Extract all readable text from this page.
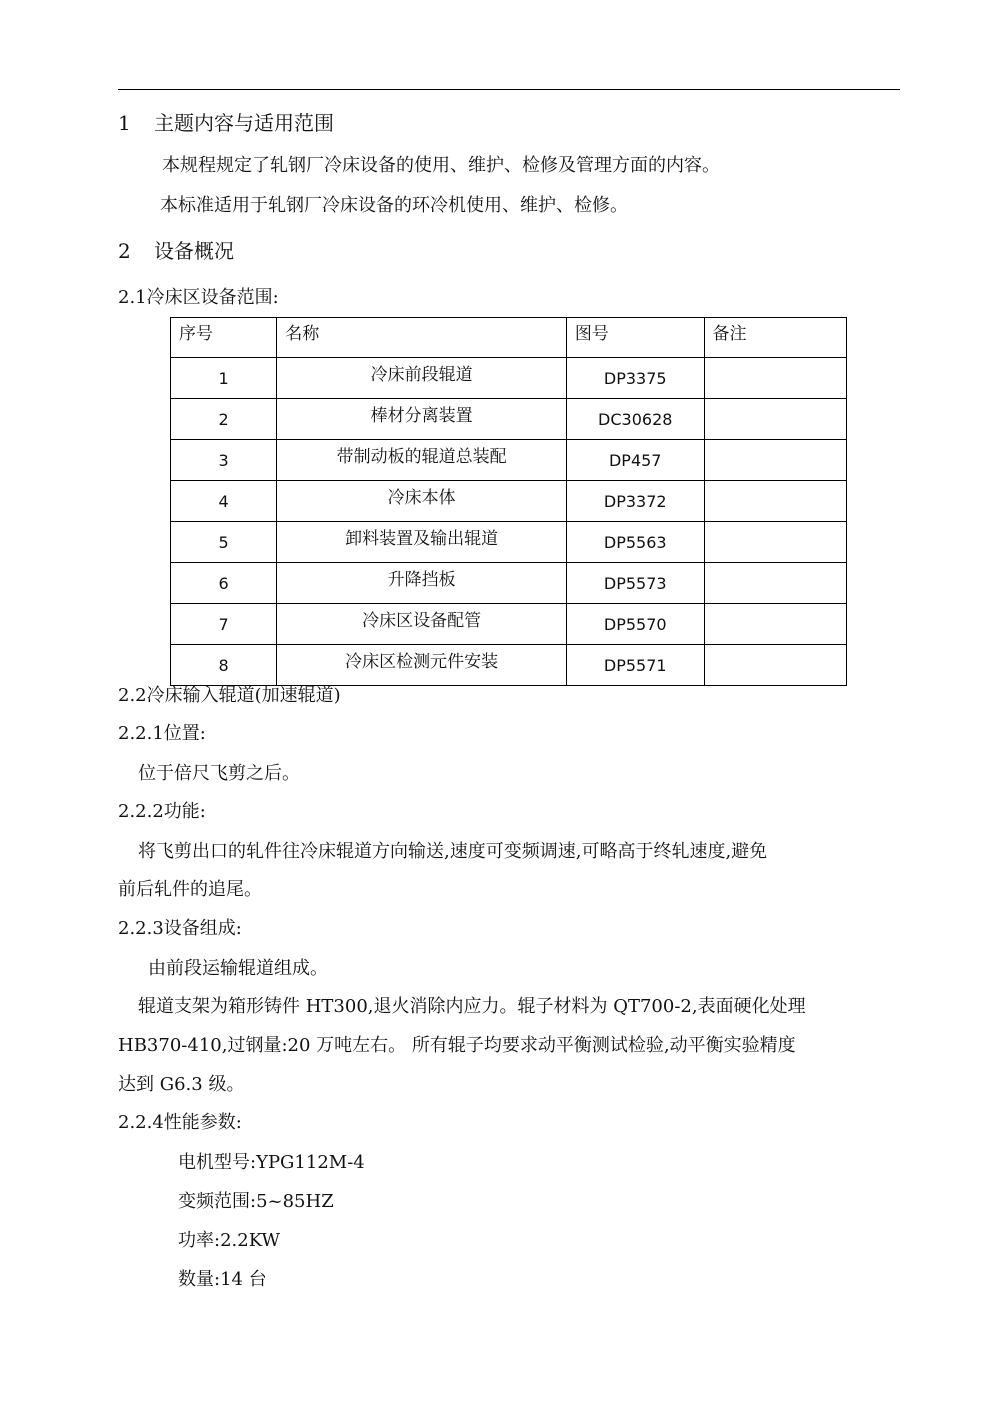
1 主题内容与适用范围
本规程规定了轧钢厂冷床设备的使用、维护、检修及管理方面的内容。
本标准适用于轧钢厂冷床设备的环冷机使用、维护、检修。
2 设备概况
2.1冷床区设备范围:
序号	名称	图号	备注
1	冷床前段辊道	DP3375	
2	棒材分离装置	DC30628	
3	带制动板的辊道总装配	DP457	
4	冷床本体	DP3372	
5	卸料装置及输出辊道	DP5563	
6	升降挡板	DP5573	
7	冷床区设备配管	DP5570	
8	冷床区检测元件安装	DP5571	
2.2冷床输入辊道(加速辊道)
2.2.1位置:
位于倍尺飞剪之后。
2.2.2功能:
将飞剪出口的轧件往冷床辊道方向输送,速度可变频调速,可略高于终轧速度,避免
前后轧件的追尾。
2.2.3设备组成:
由前段运输辊道组成。
辊道支架为箱形铸件 HT300,退火消除内应力。辊子材料为 QT700-2,表面硬化处理
HB370-410,过钢量:20 万吨左右。 所有辊子均要求动平衡测试检验,动平衡实验精度
达到 G6.3 级。
2.2.4性能参数:
电机型号:YPG112M-4
变频范围:5~85HZ
功率:2.2KW
数量:14 台
